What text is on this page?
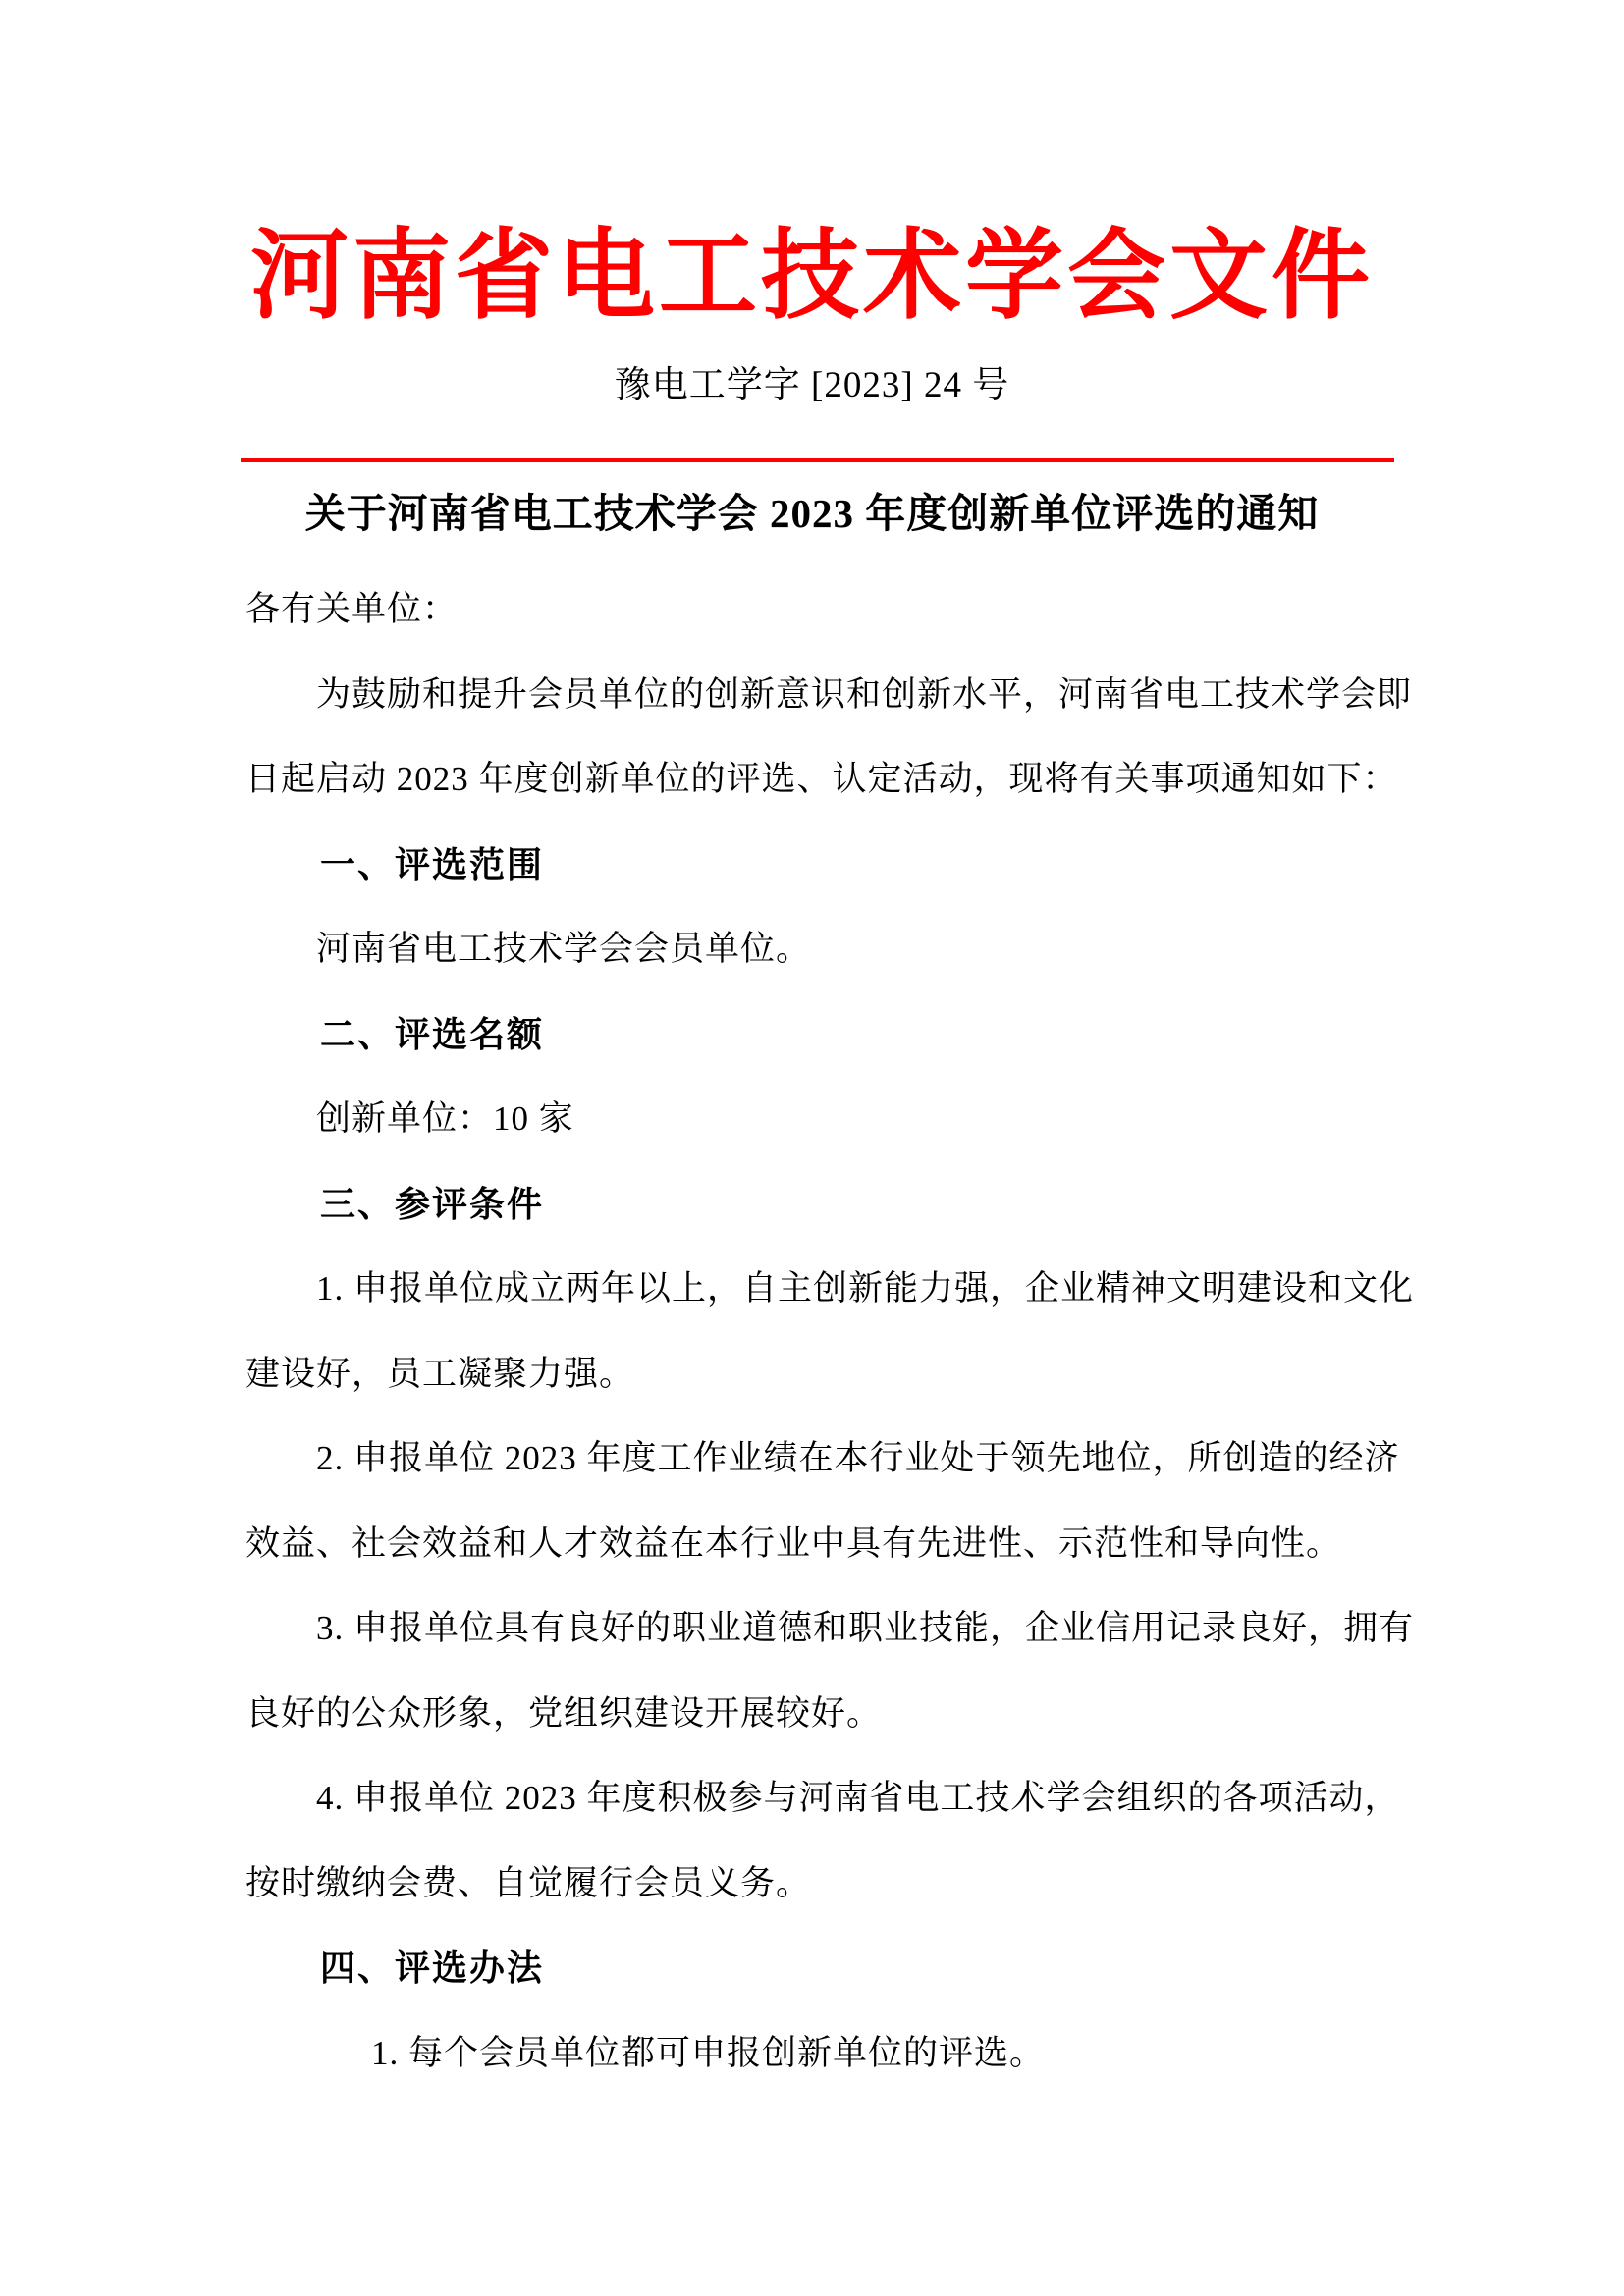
河南省电工技术学会文件
豫电工学字 [2023] 24 号
关于河南省电工技术学会 2023 年度创新单位评选的通知
各有关单位：
为鼓励和提升会员单位的创新意识和创新水平，河南省电工技术学会即
日起启动 2023 年度创新单位的评选、认定活动，现将有关事项通知如下：
一、评选范围
河南省电工技术学会会员单位。
二、评选名额
创新单位：10 家
三、参评条件
1. 申报单位成立两年以上，自主创新能力强，企业精神文明建设和文化
建设好，员工凝聚力强。
2. 申报单位 2023 年度工作业绩在本行业处于领先地位，所创造的经济
效益、社会效益和人才效益在本行业中具有先进性、示范性和导向性。
3. 申报单位具有良好的职业道德和职业技能，企业信用记录良好，拥有
良好的公众形象，党组织建设开展较好。
4. 申报单位 2023 年度积极参与河南省电工技术学会组织的各项活动，
按时缴纳会费、自觉履行会员义务。
四、评选办法
1. 每个会员单位都可申报创新单位的评选。
